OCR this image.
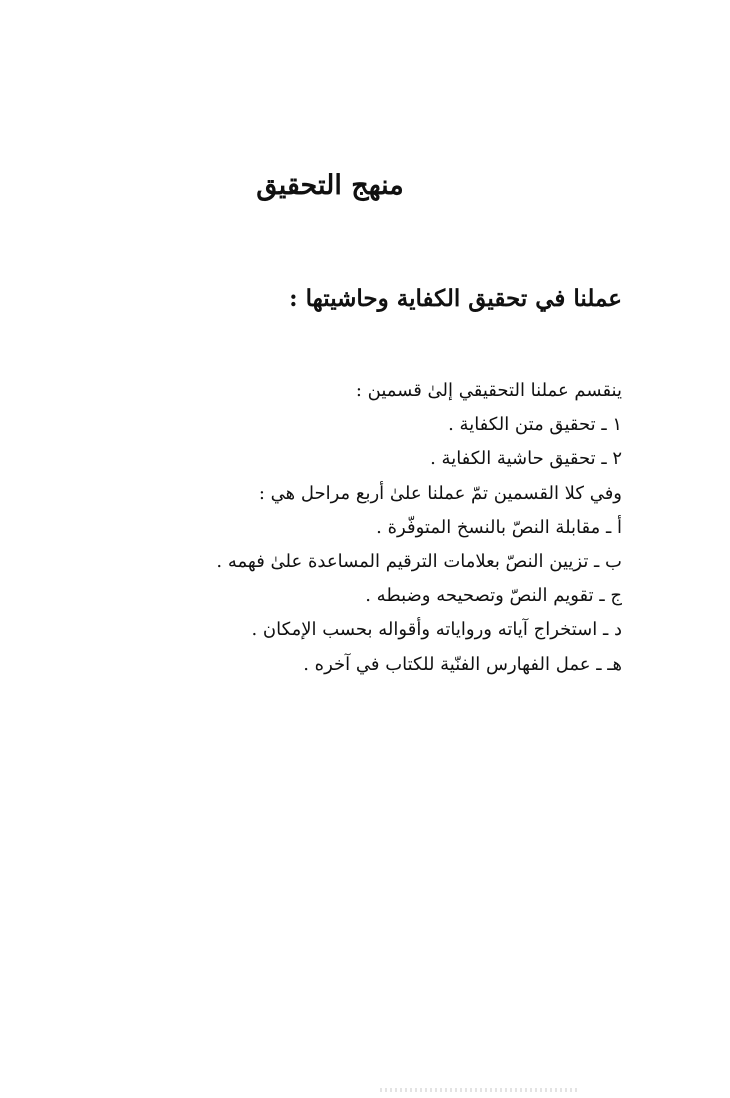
منهج التحقيق
عملنا في تحقيق الكفاية وحاشيتها :
ينقسم عملنا التحقيقي إلىٰ قسمين :
١ ـ تحقيق متن الكفاية .
٢ ـ تحقيق حاشية الكفاية .
وفي كلا القسمين تمّ عملنا علىٰ أربع مراحل هي :
أ ـ مقابلة النصّ بالنسخ المتوفّرة .
ب ـ تزيين النصّ بعلامات الترقيم المساعدة علىٰ فهمه .
ج ـ تقويم النصّ وتصحيحه وضبطه .
د ـ استخراج آياته ورواياته وأقواله بحسب الإمكان .
هـ ـ عمل الفهارس الفنّية للكتاب في آخره .
